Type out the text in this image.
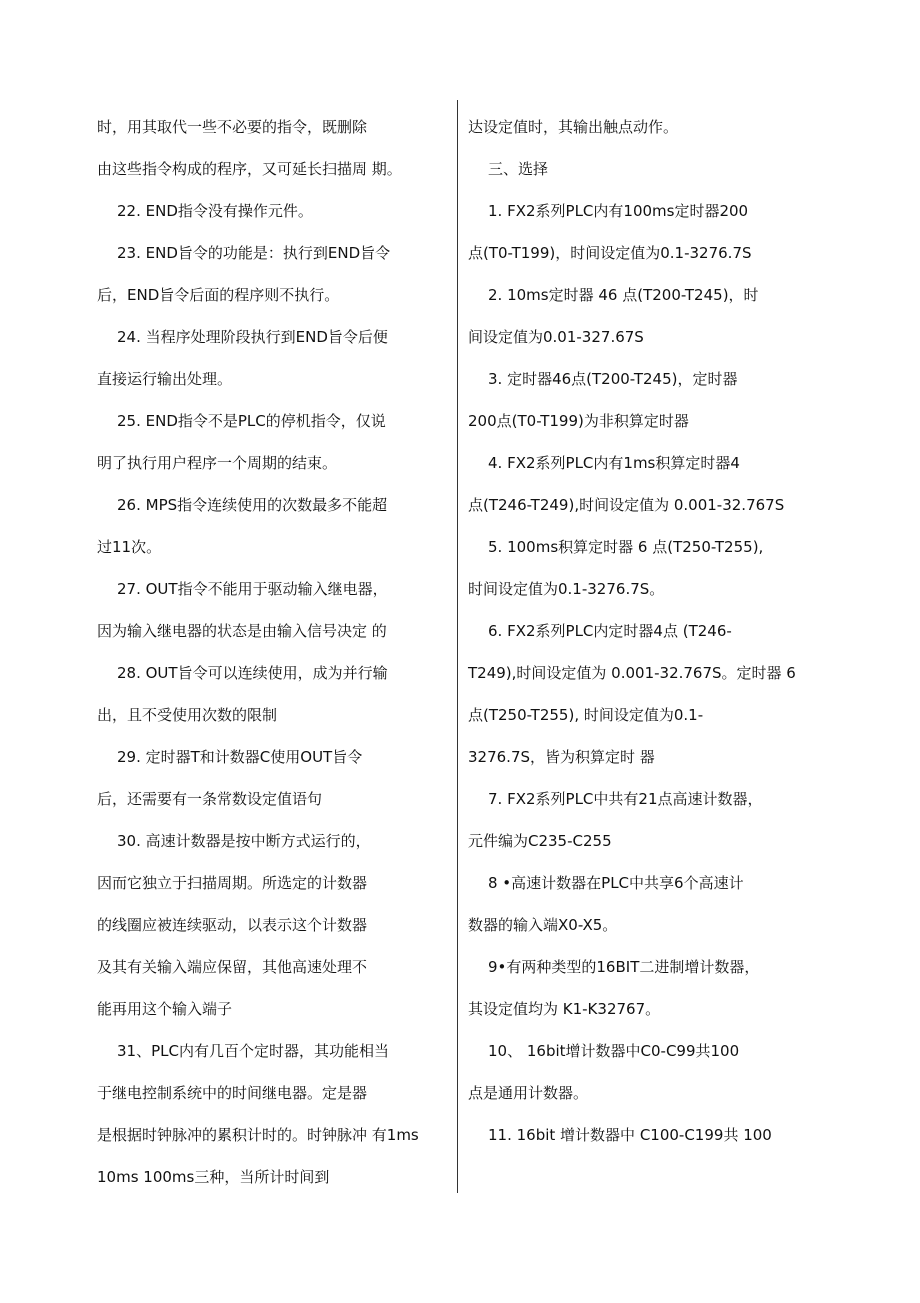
时，用其取代一些不必要的指令，既删除
由这些指令构成的程序，又可延长扫描周 期。
22. END指令没有操作元件。
23. END旨令的功能是：执行到END旨令
后，END旨令后面的程序则不执行。
24. 当程序处理阶段执行到END旨令后便
直接运行输出处理。
25. END指令不是PLC的停机指令，仅说
明了执行用户程序一个周期的结束。
26. MPS指令连续使用的次数最多不能超
过11次。
27. OUT指令不能用于驱动输入继电器，
因为输入继电器的状态是由输入信号决定 的
28. OUT旨令可以连续使用，成为并行输
出，且不受使用次数的限制
29. 定时器T和计数器C使用OUT旨令
后，还需要有一条常数设定值语句
30. 高速计数器是按中断方式运行的，
因而它独立于扫描周期。所选定的计数器
的线圈应被连续驱动，以表示这个计数器
及其有关输入端应保留，其他高速处理不
能再用这个输入端子
31、PLC内有几百个定时器，其功能相当
于继电控制系统中的时间继电器。定是器
是根据时钟脉冲的累积计时的。时钟脉冲 有1ms
10ms 100ms三种，当所计时间到
达设定值时，其输出触点动作。
三、选择
1. FX2系列PLC内有100ms定时器200
点(T0-T199)，时间设定值为0.1-3276.7S
2. 10ms定时器 46 点(T200-T245)，时
间设定值为0.01-327.67S
3. 定时器46点(T200-T245)，定时器
200点(T0-T199)为非积算定时器
4. FX2系列PLC内有1ms积算定时器4
点(T246-T249),时间设定值为 0.001-32.767S
5. 100ms积算定时器 6 点(T250-T255),
时间设定值为0.1-3276.7S。
6. FX2系列PLC内定时器4点 (T246-
T249),时间设定值为 0.001-32.767S。定时器 6
点(T250-T255), 时间设定值为0.1-
3276.7S，皆为积算定时 器
7. FX2系列PLC中共有21点高速计数器，
元件编为C235-C255
8 •高速计数器在PLC中共享6个高速计
数器的输入端X0-X5。
9•有两种类型的16BIT二进制增计数器，
其设定值均为 K1-K32767。
10、 16bit增计数器中C0-C99共100
点是通用计数器。
11. 16bit 增计数器中 C100-C199共 100
